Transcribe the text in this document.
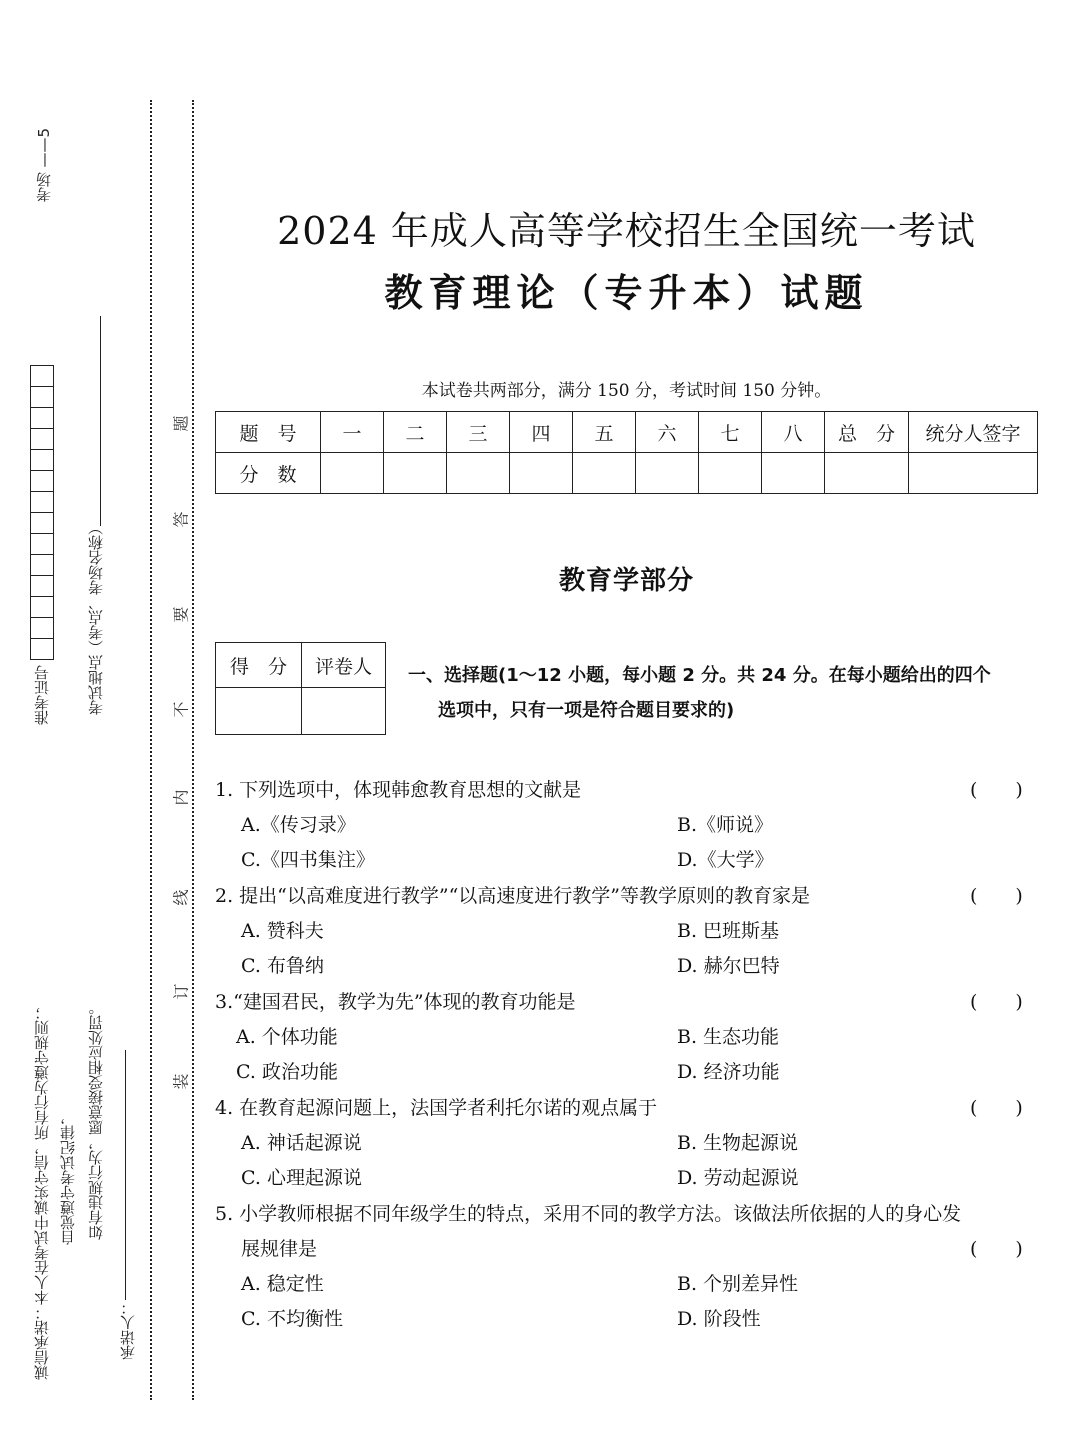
考场 ——5
考试地点（考点、考场名称）
准考证号
诚信承诺：本人在考试中诚实守信，所有行为遵守规则； 自觉遵守考试纪律， 如有违规行为，愿意接受相应处罚。
承诺人：
题
答
要
不
内
线
订
装
2024 年成人高等学校招生全国统一考试
教育理论（专升本）试题
本试卷共两部分，满分 150 分，考试时间 150 分钟。
题　号	一	二	三	四	五	六	七	八	总　分	统分人签字
分　数										
教育学部分
得　分	评卷人
	一、选择题(1～12 小题，每小题 2 分。共 24 分。在每小题给出的四个
选项中，只有一项是符合题目要求的)
1. 下列选项中，体现韩愈教育思想的文献是	(　　)
A.《传习录》	B.《师说》
C.《四书集注》	D.《大学》
2. 提出“以高难度进行教学”“以高速度进行教学”等教学原则的教育家是	(　　)
A. 赞科夫	B. 巴班斯基
C. 布鲁纳	D. 赫尔巴特
3.“建国君民，教学为先”体现的教育功能是	(　　)
A. 个体功能	B. 生态功能
C. 政治功能	D. 经济功能
4. 在教育起源问题上，法国学者利托尔诺的观点属于	(　　)
A. 神话起源说	B. 生物起源说
C. 心理起源说	D. 劳动起源说
5. 小学教师根据不同年级学生的特点，采用不同的教学方法。该做法所依据的人的身心发
展规律是	(　　)
A. 稳定性	B. 个别差异性
C. 不均衡性	D. 阶段性
